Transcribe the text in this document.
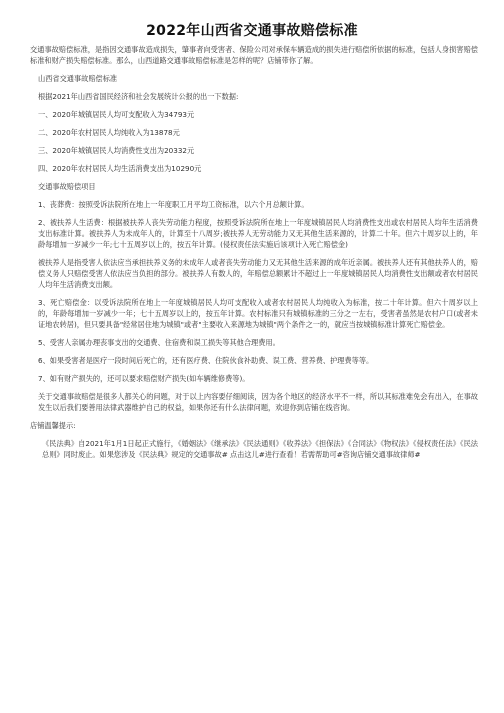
2022年山西省交通事故赔偿标准

交通事故赔偿标准，是指因交通事故造成损失，肇事者向受害者、保险公司对承保车辆造成的损失进行赔偿所依据的标准，包括人身损害赔偿标准和财产损失赔偿标准。那么，山西道路交通事故赔偿标准是怎样的呢？店铺带你了解。

山西省交通事故赔偿标准

根据2021年山西省国民经济和社会发展统计公报的出一下数据:

一、2020年城镇居民人均可支配收入为34793元

二、2020年农村居民人均纯收入为13878元

三、2020年城镇居民人均消费性支出为20332元

四、2020年农村居民人均生活消费支出为10290元

交通事故赔偿项目

1、丧葬费：按照受诉法院所在地上一年度职工月平均工资标准，以六个月总额计算。

2、被扶养人生活费：根据被扶养人丧失劳动能力程度，按照受诉法院所在地上一年度城镇居民人均消费性支出或农村居民人均年生活消费支出标准计算。被扶养人为未成年人的，计算至十八周岁;被扶养人无劳动能力又无其他生活来源的，计算二十年。但六十周岁以上的，年龄每增加一岁减少一年;七十五周岁以上的，按五年计算。(侵权责任法实施后该项计入死亡赔偿金)

被扶养人是指受害人依法应当承担扶养义务的未成年人或者丧失劳动能力又无其他生活来源的成年近亲属。被扶养人还有其他扶养人的，赔偿义务人只赔偿受害人依法应当负担的部分。被扶养人有数人的，年赔偿总额累计不超过上一年度城镇居民人均消费性支出额或者农村居民人均年生活消费支出额。

3、死亡赔偿金：以受诉法院所在地上一年度城镇居民人均可支配收入或者农村居民人均纯收入为标准，按二十年计算。但六十周岁以上的，年龄每增加一岁减少一年；七十五周岁以上的，按五年计算。农村标准只有城镇标准的三分之一左右，受害者虽然是农村户口(或者未证地农转居)，但只要具备"经常居住地为城镇"或者"主要收入来源地为城镇"两个条件之一的，就应当按城镇标准计算死亡赔偿金。

5、受害人亲属办理丧事支出的交通费、住宿费和误工损失等其他合理费用。

6、如果受害者是医疗一段时间后死亡的，还有医疗费、住院伙食补助费、误工费、营养费、护理费等等。

7、如有财产损失的，还可以要求赔偿财产损失(如车辆维修费等)。

关于交通事故赔偿是很多人都关心的问题，对于以上内容要仔细阅读，因为各个地区的经济水平不一样，所以其标准难免会有出入，在事故发生以后我们要善用法律武器维护自己的权益，如果你还有什么法律问题，欢迎你到店铺在线咨询。

店铺温馨提示:

《民法典》自2021年1月1日起正式施行，《婚姻法》《继承法》《民法通则》《收养法》《担保法》《合同法》《物权法》《侵权责任法》《民法总则》同时废止。如果您涉及《民法典》规定的交通事故# 点击这儿#进行查看！若需帮助可#咨询店铺交通事故律师#
